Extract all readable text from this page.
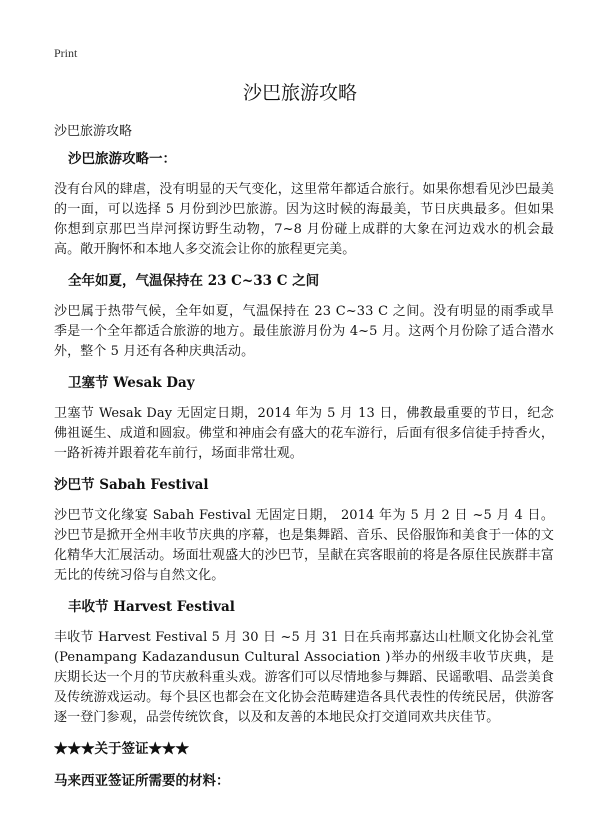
Print
沙巴旅游攻略

沙巴旅游攻略

沙巴旅游攻略一：

没有台风的肆虐，没有明显的天气变化，这里常年都适合旅行。如果你想看见沙巴最美的一面，可以选择 5 月份到沙巴旅游。因为这时候的海最美，节日庆典最多。但如果你想到京那巴当岸河探访野生动物，7~8 月份碰上成群的大象在河边戏水的机会最高。敞开胸怀和本地人多交流会让你的旅程更完美。

全年如夏，气温保持在 23 C~33 C 之间

沙巴属于热带气候，全年如夏，气温保持在 23 C~33 C 之间。没有明显的雨季或旱季是一个全年都适合旅游的地方。最佳旅游月份为 4~5 月。这两个月份除了适合潜水外，整个 5 月还有各种庆典活动。

卫塞节 Wesak Day

卫塞节 Wesak Day 无固定日期，2014 年为 5 月 13 日，佛教最重要的节日，纪念佛祖诞生、成道和圆寂。佛堂和神庙会有盛大的花车游行，后面有很多信徒手持香火，一路祈祷并跟着花车前行，场面非常壮观。

沙巴节 Sabah Festival

沙巴节文化缘宴 Sabah Festival 无固定日期， 2014 年为 5 月 2 日 ~5 月 4 日。沙巴节是掀开全州丰收节庆典的序幕，也是集舞蹈、音乐、民俗服饰和美食于一体的文化精华大汇展活动。场面壮观盛大的沙巴节，呈献在宾客眼前的将是各原住民族群丰富无比的传统习俗与自然文化。

丰收节 Harvest Festival

丰收节 Harvest Festival 5 月 30 日 ~5 月 31 日在兵南邦嘉达山杜顺文化协会礼堂 (Penampang Kadazandusun Cultural Association )举办的州级丰收节庆典，是庆期长达一个月的节庆赦科重头戏。游客们可以尽情地参与舞蹈、民谣歌唱、品尝美食及传统游戏运动。每个县区也都会在文化协会范畴建造各具代表性的传统民居，供游客逐一登门参观，品尝传统饮食，以及和友善的本地民众打交道同欢共庆佳节。

★★★关于签证★★★

马来西亚签证所需要的材料：
